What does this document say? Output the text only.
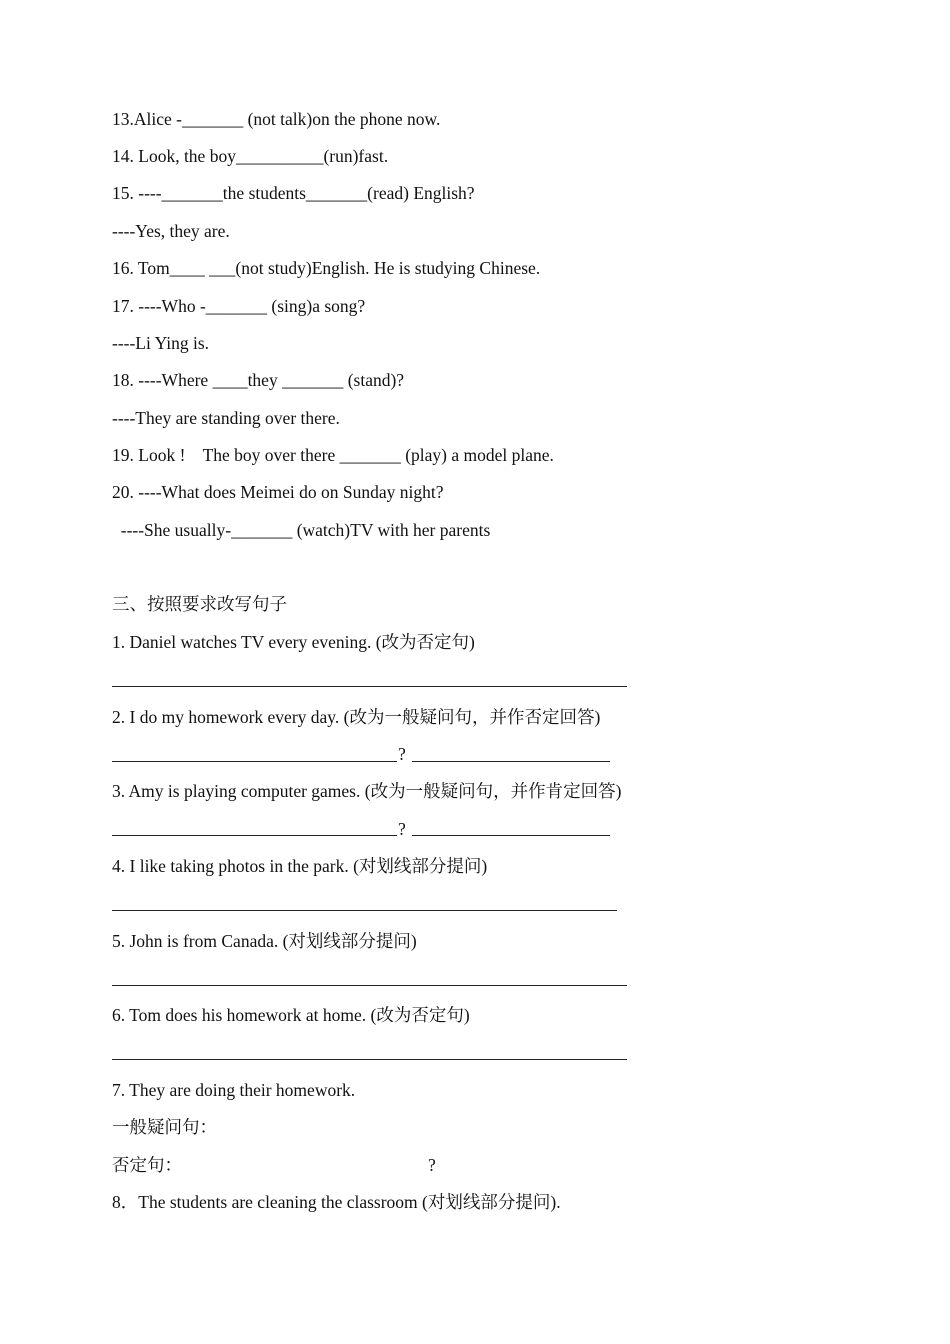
13.Alice -_______ (not talk)on the phone now.
14. Look, the boy__________(run)fast.
15. ----_______the students_______(read) English?
----Yes, they are.
16. Tom____ ___(not study)English. He is studying Chinese.
17. ----Who -_______ (sing)a song?
----Li Ying is.
18. ----Where ____they _______ (stand)?
----They are standing over there.
19. Look !    The boy over there _______ (play) a model plane.
20. ----What does Meimei do on Sunday night?
----She usually-_______ (watch)TV with her parents
三、按照要求改写句子
1. Daniel watches TV every evening. (改为否定句)
2. I do my homework every day. (改为一般疑问句，并作否定回答)
?
3. Amy is playing computer games. (改为一般疑问句，并作肯定回答)
?
4. I like taking photos in the park. (对划线部分提问)
5. John is from Canada. (对划线部分提问)
6. Tom does his homework at home. (改为否定句)
7. They are doing their homework.
一般疑问句：
否定句：	?
8．The students are cleaning the classroom (对划线部分提问).
